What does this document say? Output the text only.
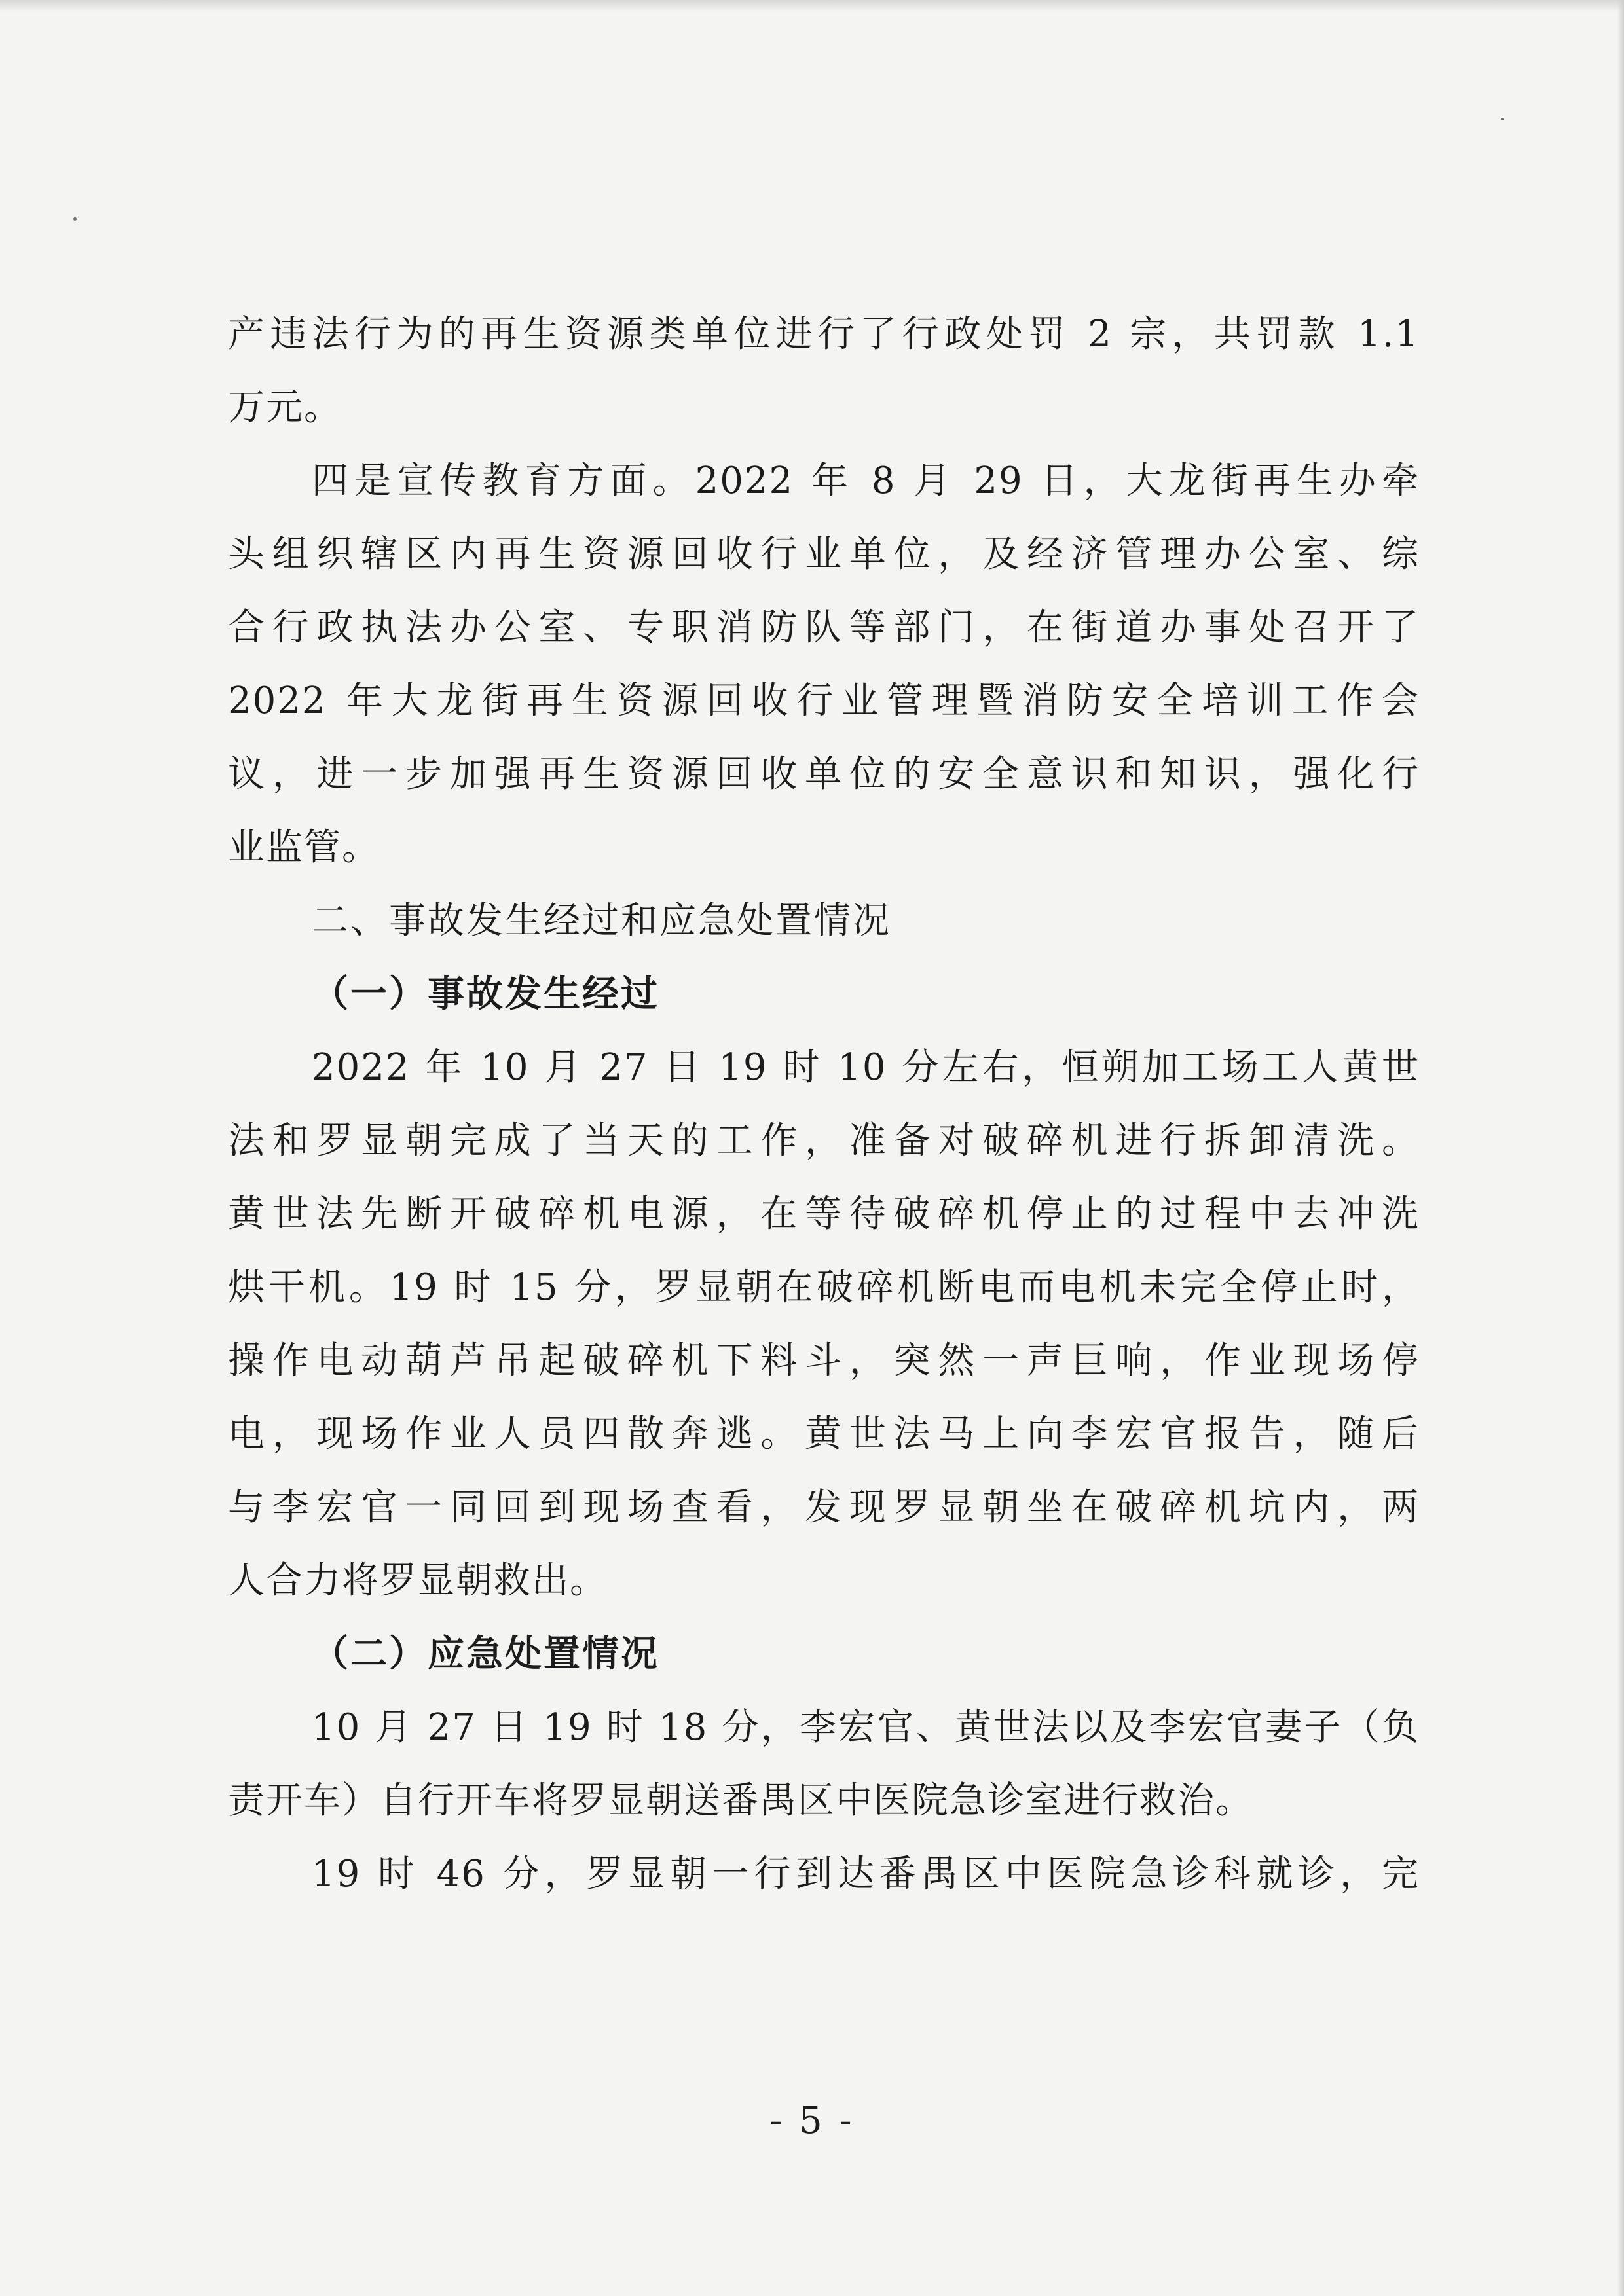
产违法行为的再生资源类单位进行了行政处罚 2 宗，共罚款 1.1
万元。
四是宣传教育方面。2022 年 8 月 29 日，大龙街再生办牵
头组织辖区内再生资源回收行业单位，及经济管理办公室、综
合行政执法办公室、专职消防队等部门，在街道办事处召开了
2022 年大龙街再生资源回收行业管理暨消防安全培训工作会
议，进一步加强再生资源回收单位的安全意识和知识，强化行
业监管。
二、事故发生经过和应急处置情况
（一）事故发生经过
2022 年 10 月 27 日 19 时 10 分左右，恒朔加工场工人黄世
法和罗显朝完成了当天的工作，准备对破碎机进行拆卸清洗。
黄世法先断开破碎机电源，在等待破碎机停止的过程中去冲洗
烘干机。19 时 15 分，罗显朝在破碎机断电而电机未完全停止时，
操作电动葫芦吊起破碎机下料斗，突然一声巨响，作业现场停
电，现场作业人员四散奔逃。黄世法马上向李宏官报告，随后
与李宏官一同回到现场查看，发现罗显朝坐在破碎机坑内，两
人合力将罗显朝救出。
（二）应急处置情况
10 月 27 日 19 时 18 分，李宏官、黄世法以及李宏官妻子（负
责开车）自行开车将罗显朝送番禺区中医院急诊室进行救治。
19 时 46 分，罗显朝一行到达番禺区中医院急诊科就诊，完
- 5 -
